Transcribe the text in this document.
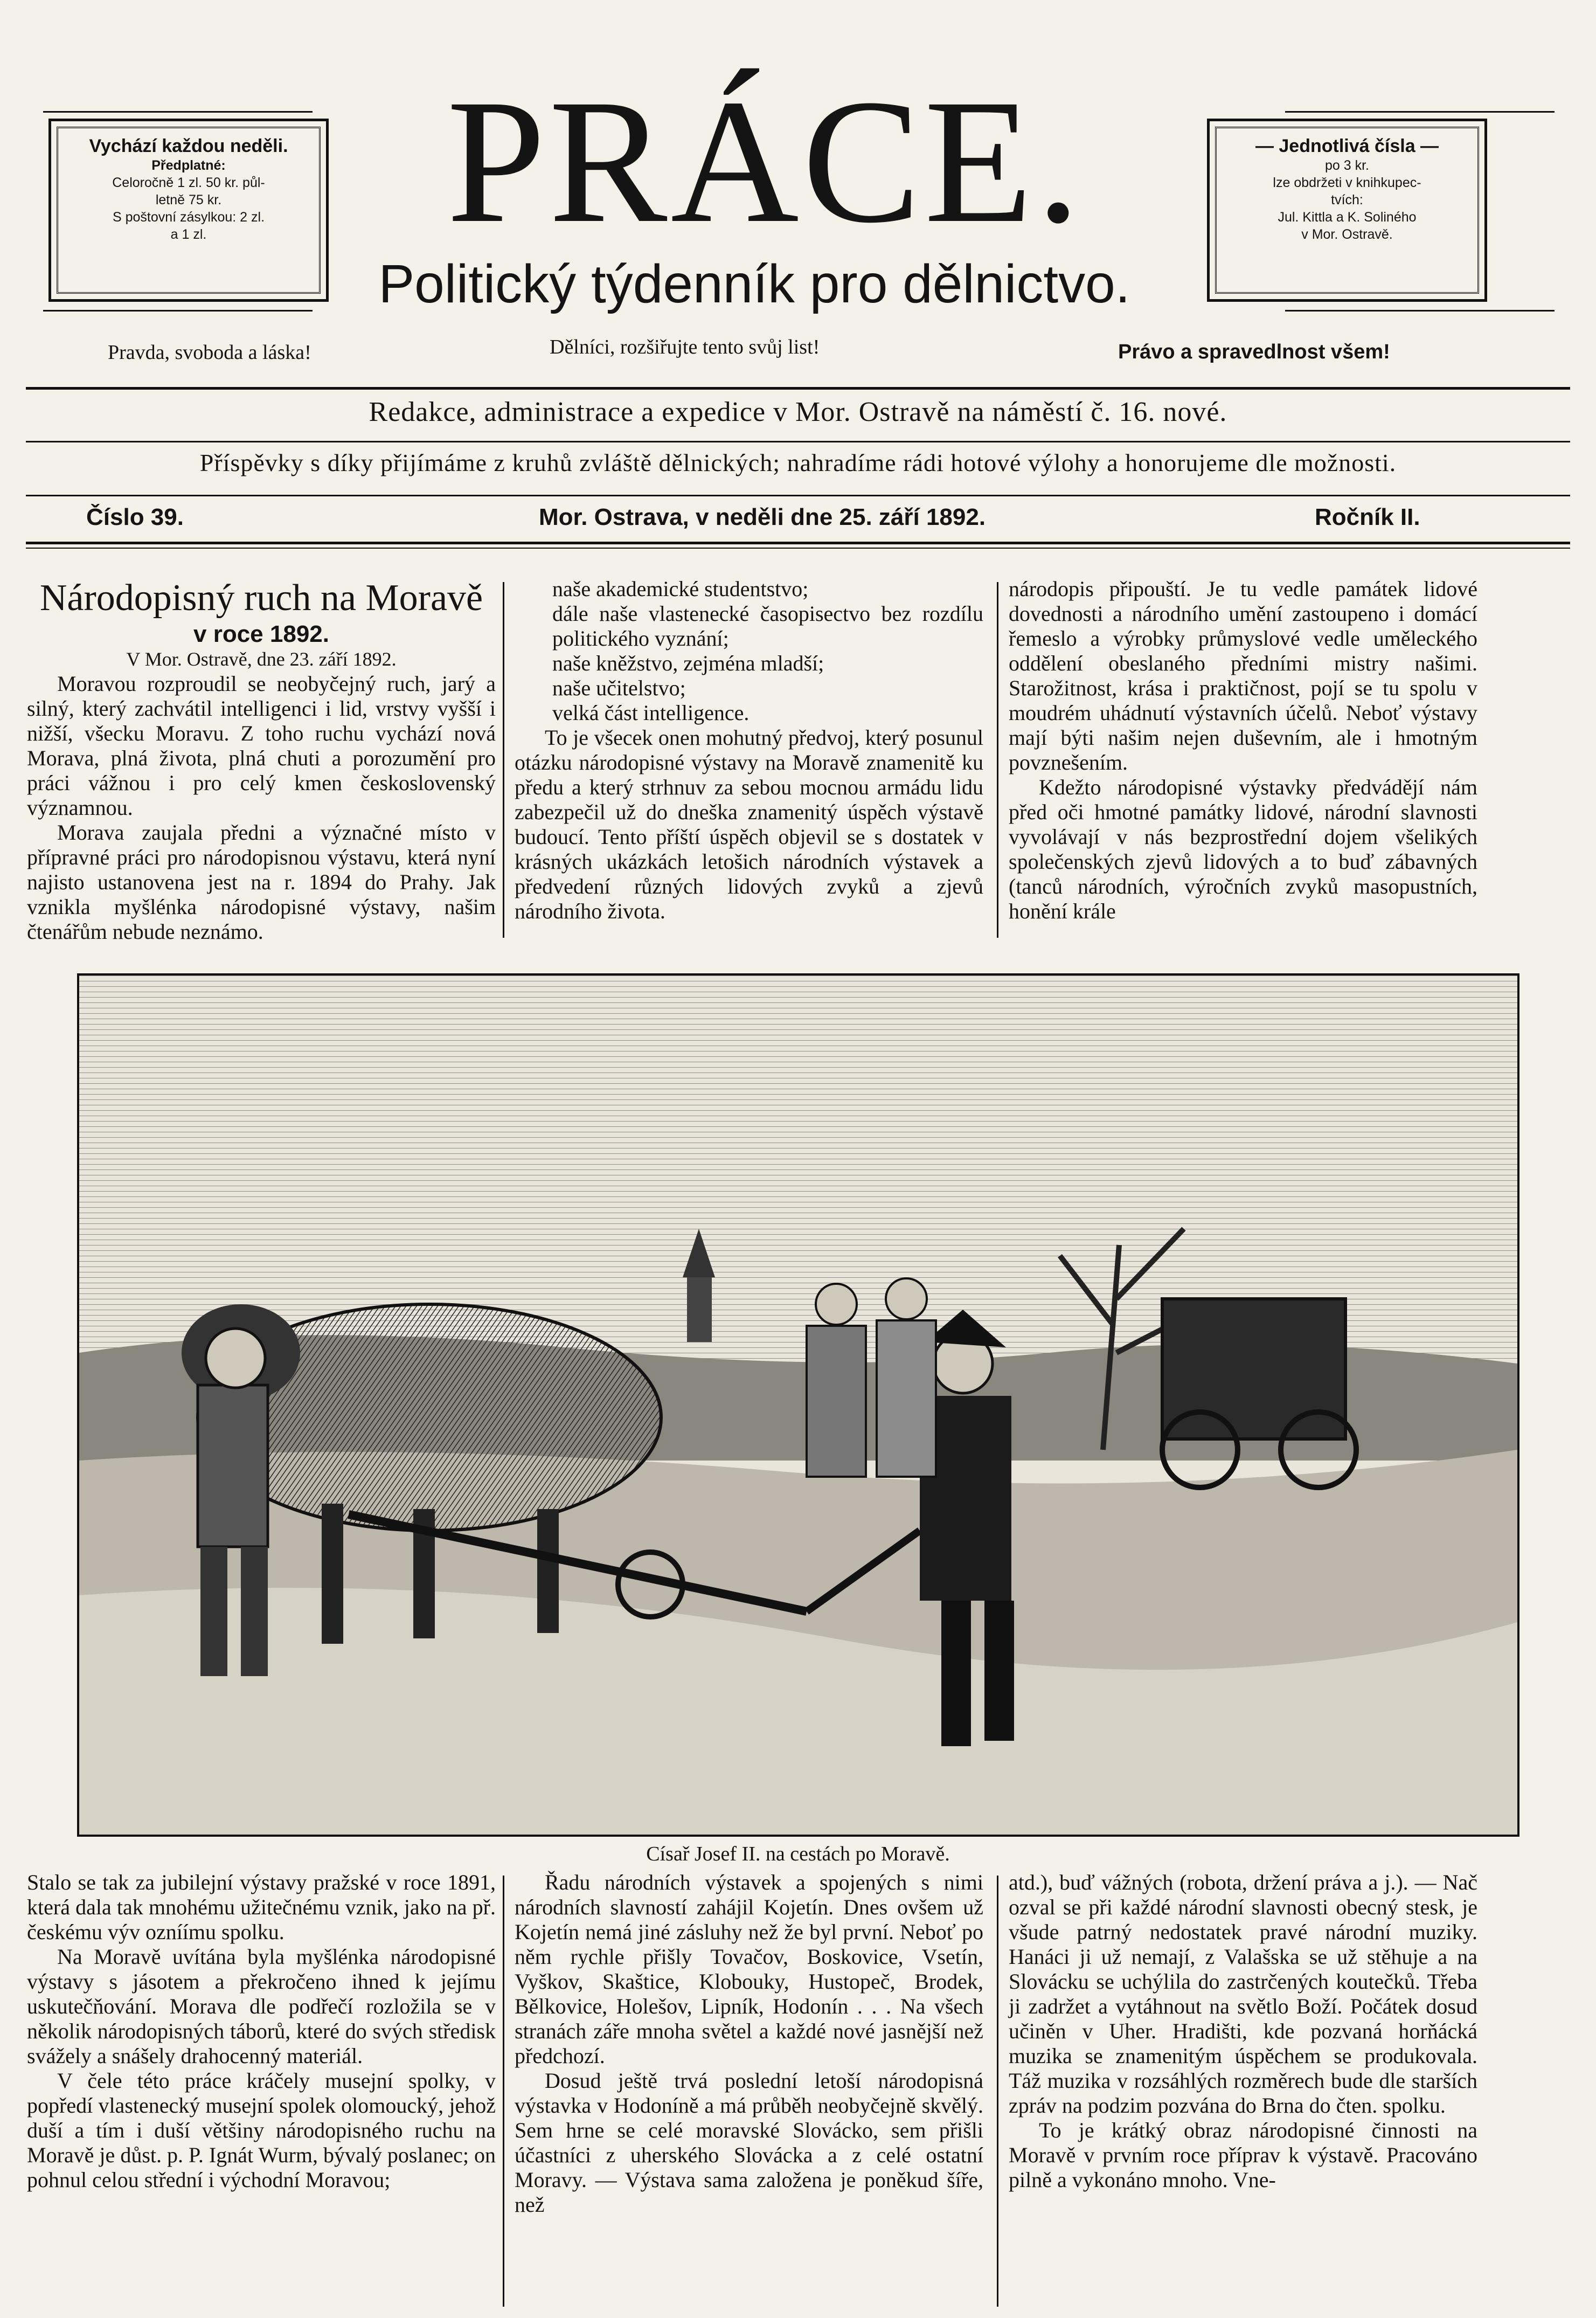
Vychází každou neděli.
Předplatné:
Celoročně 1 zl. 50 kr. půl-
letně 75 kr.
S poštovní zásylkou: 2 zl.
a 1 zl.	PRÁCE.
Politický týdenník pro dělnictvo.
— Jednotlivá čísla —
po 3 kr.
lze obdržeti v knihkupec-
tvích:
Jul. Kittla a K. Soliného
v Mor. Ostravě.
Pravda, svoboda a láska!	Dělníci, rozšiřujte tento svůj list!	Právo a spravedlnost všem!
Redakce, administrace a expedice v Mor. Ostravě na náměstí č. 16. nové.
Příspěvky s díky přijímáme z kruhů zvláště dělnických; nahradíme rádi hotové výlohy a honorujeme dle možnosti.
Číslo 39.	Mor. Ostrava, v neděli dne 25. září 1892.	Ročník II.
Národopisný ruch na Moravě
v roce 1892.
V Mor. Ostravě, dne 23. září 1892.

Moravou rozproudil se neobyčejný ruch, jarý a silný, který zachvátil intelligenci i lid, vrstvy vyšší i nižší, všecku Moravu. Z toho ruchu vychází nová Morava, plná života, plná chuti a porozumění pro práci vážnou i pro celý kmen československý významnou.

Morava zaujala předni a význačné místo v přípravné práci pro národopisnou výstavu, která nyní najisto ustanovena jest na r. 1894 do Prahy. Jak vznikla myšlénka národopisné výstavy, našim čtenářům nebude neznámo.

naše akademické studentstvo;
dále naše vlastenecké časopisectvo bez rozdílu politického vyznání;
naše kněžstvo, zejména mladší;
naše učitelstvo;
velká část intelligence.

To je všecek onen mohutný předvoj, který posunul otázku národopisné výstavy na Moravě znamenitě ku předu a který strhnuv za sebou mocnou armádu lidu zabezpečil už do dneška znamenitý úspěch výstavě budoucí. Tento příští úspěch objevil se s dostatek v krásných ukázkách letošich národních výstavek a předvedení různých lidových zvyků a zjevů národního života.

národopis připouští. Je tu vedle památek lidové dovednosti a národního umění zastoupeno i domácí řemeslo a výrobky průmyslové vedle uměleckého oddělení obeslaného předními mistry našimi. Starožitnost, krása i praktičnost, pojí se tu spolu v moudrém uhádnutí výstavních účelů. Neboť výstavy mají býti našim nejen duševním, ale i hmotným povznešením.

Kdežto národopisné výstavky předvádějí nám před oči hmotné památky lidové, národní slavnosti vyvolávají v nás bezprostřední dojem všelikých společenských zjevů lidových a to buď zábavných (tanců národních, výročních zvyků masopustních, honění krále

Císař Josef II. na cestách po Moravě.

Stalo se tak za jubilejní výstavy pražské v roce 1891, která dala tak mnohému užitečnému vznik, jako na př. českému výv ozníímu spolku.

Na Moravě uvítána byla myšlénka národopisné výstavy s jásotem a překročeno ihned k jejímu uskutečňování. Morava dle podřečí rozložila se v několik národopisných táborů, které do svých středisk svážely a snášely drahocenný materiál.

V čele této práce kráčely musejní spolky, v popředí vlastenecký musejní spolek olomoucký, jehož duší a tím i duší většiny národopisného ruchu na Moravě je důst. p. P. Ignát Wurm, bývalý poslanec; on pohnul celou střední i východní Moravou;

Řadu národních výstavek a spojených s nimi národních slavností zahájil Kojetín. Dnes ovšem už Kojetín nemá jiné zásluhy než že byl první. Neboť po něm rychle přišly Tovačov, Boskovice, Vsetín, Vyškov, Skaštice, Klobouky, Hustopeč, Brodek, Bělkovice, Holešov, Lipník, Hodonín . . . Na všech stranách záře mnoha světel a každé nové jasnější než předchozí.

Dosud ještě trvá poslední letoší národopisná výstavka v Hodoníně a má průběh neobyčejně skvělý. Sem hrne se celé moravské Slovácko, sem přišli účastníci z uherského Slovácka a z celé ostatní Moravy. — Výstava sama založena je poněkud šíře, než

atd.), buď vážných (robota, držení práva a j.). — Nač ozval se při každé národní slavnosti obecný stesk, je všude patrný nedostatek pravé národní muziky. Hanáci ji už nemají, z Valašska se už stěhuje a na Slovácku se uchýlila do zastrčených koutečků. Třeba ji zadržet a vytáhnout na světlo Boží. Počátek dosud učiněn v Uher. Hradišti, kde pozvaná horňácká muzika se znamenitým úspěchem se produkovala. Táž muzika v rozsáhlých rozměrech bude dle starších zpráv na podzim pozvána do Brna do čten. spolku.

To je krátký obraz národopisné činnosti na Moravě v prvním roce příprav k výstavě. Pracováno pilně a vykonáno mnoho. Vne-
